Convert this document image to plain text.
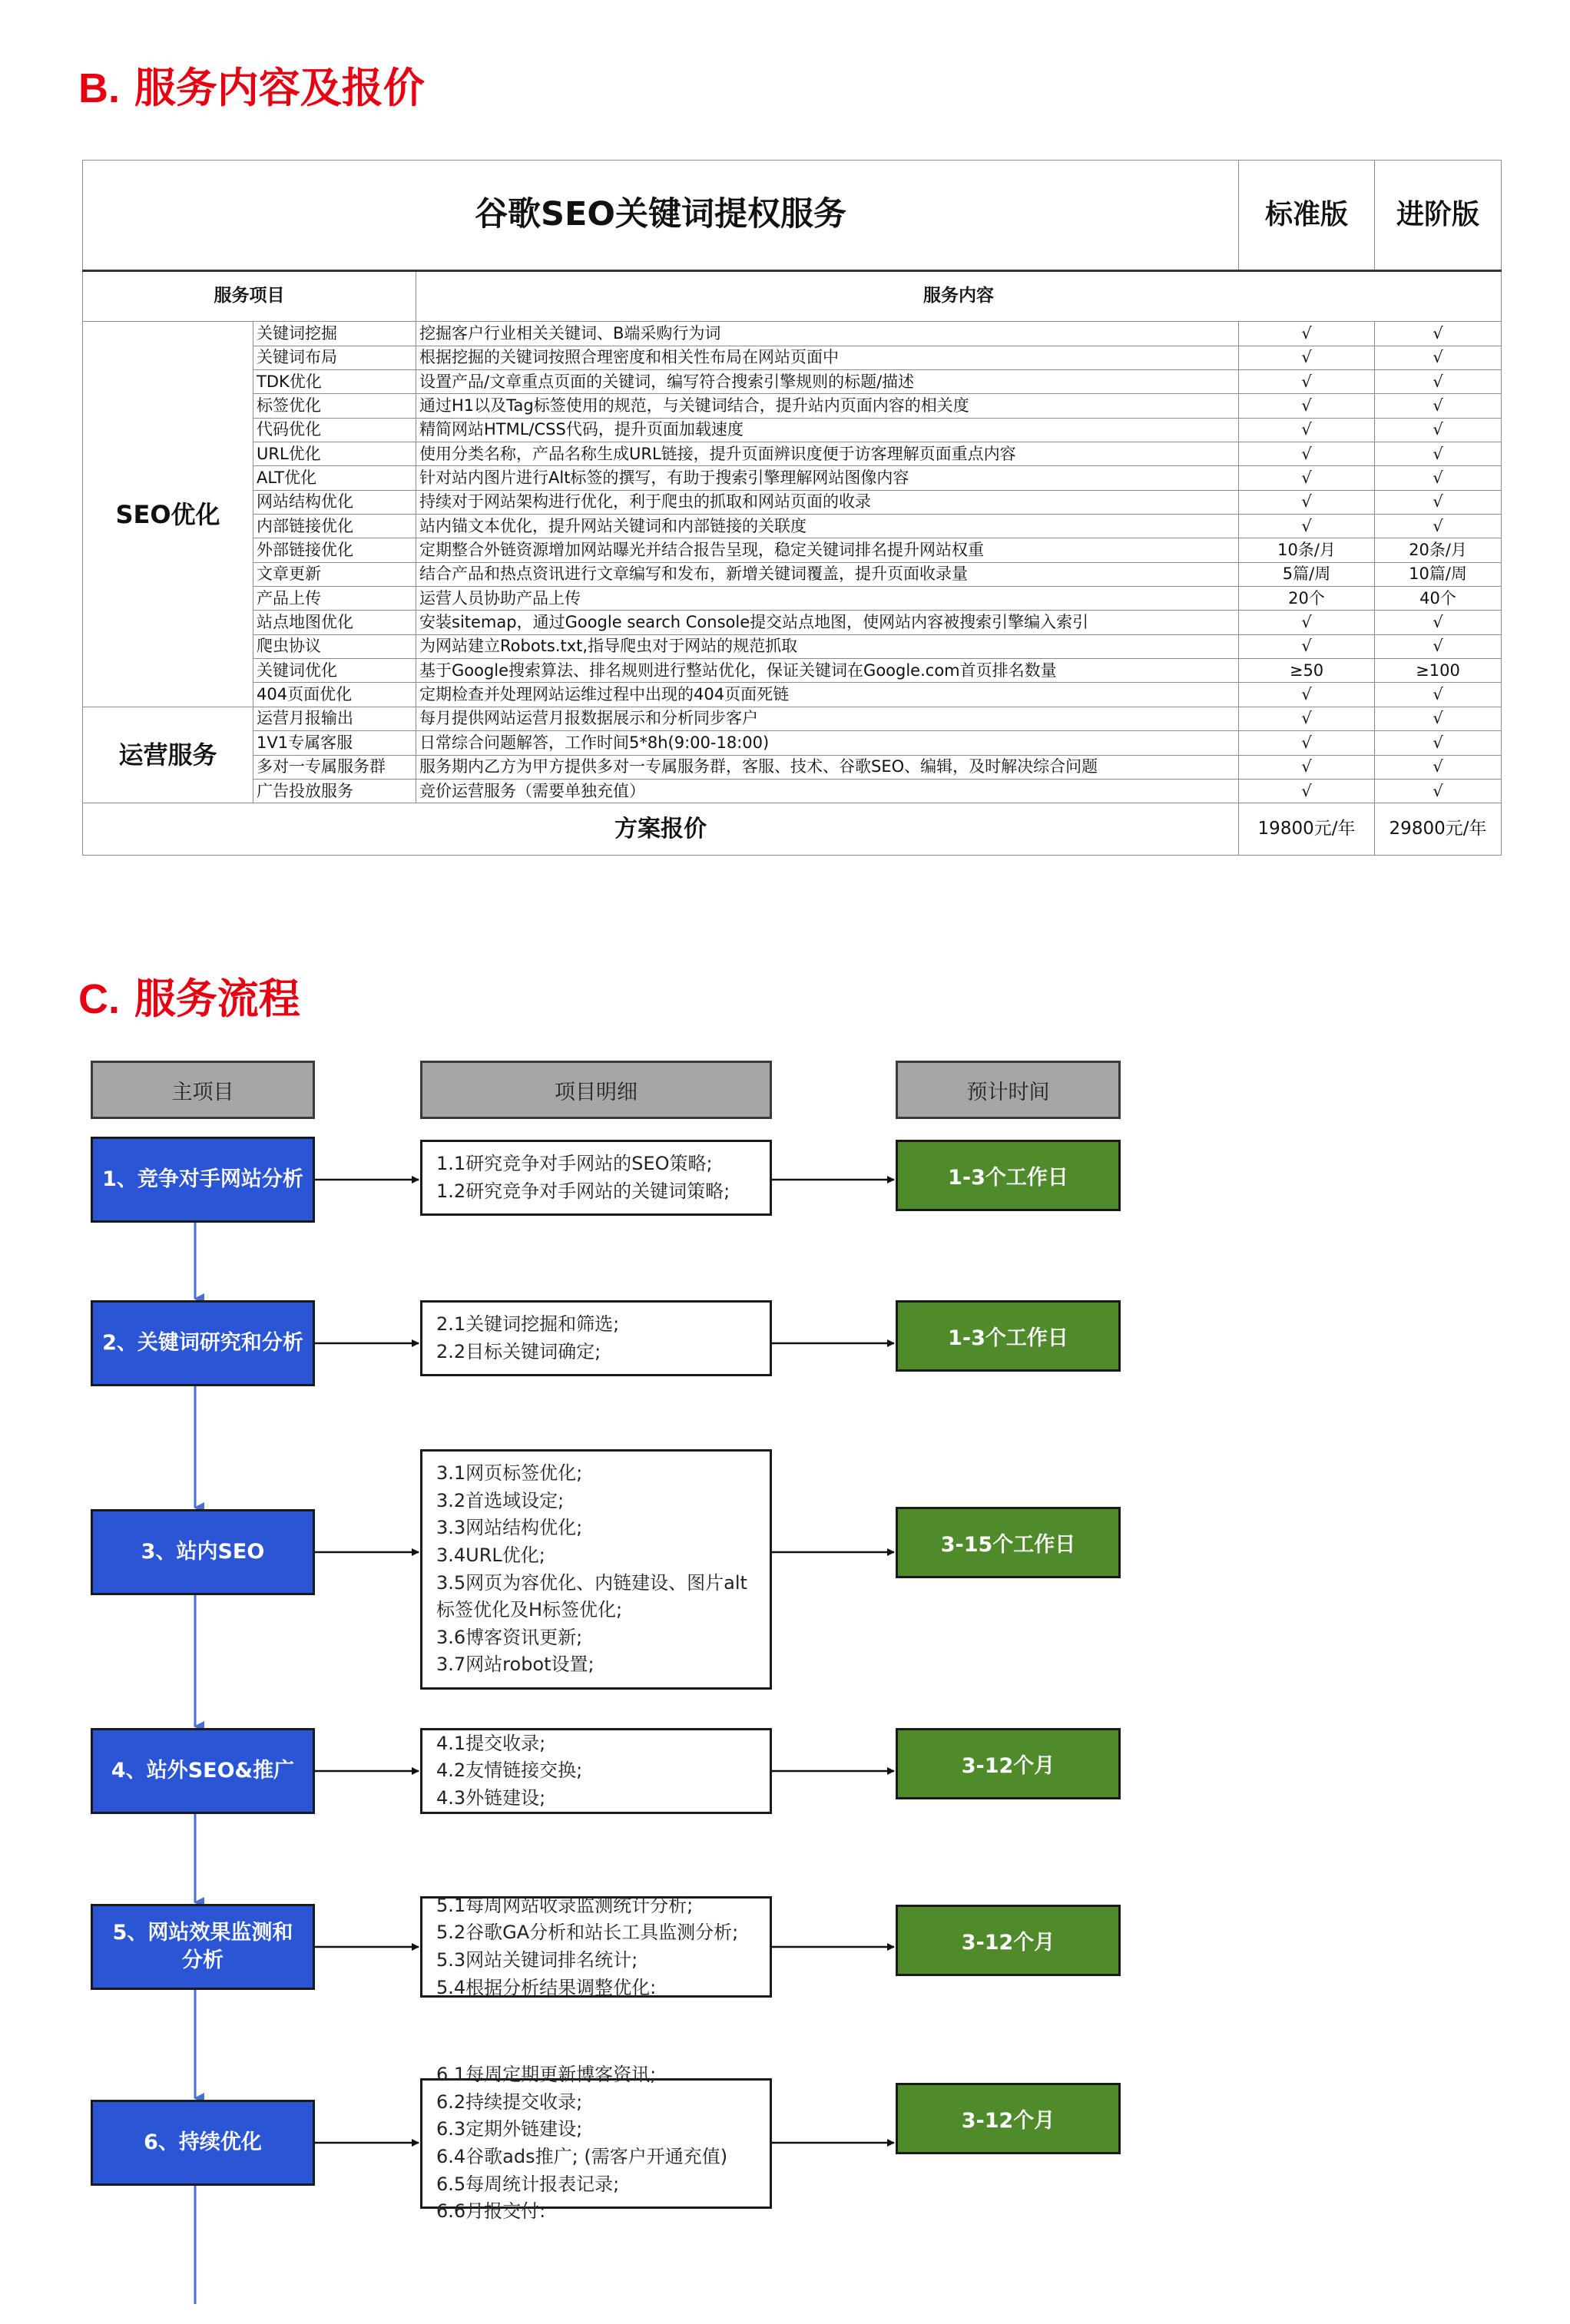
B. 服务内容及报价
谷歌SEO关键词提权服务			标准版	进阶版
服务项目		服务内容		
SEO优化	关键词挖掘	挖掘客户行业相关关键词、B端采购行为词	√	√
	关键词布局	根据挖掘的关键词按照合理密度和相关性布局在网站页面中	√	√
	TDK优化	设置产品/文章重点页面的关键词，编写符合搜索引擎规则的标题/描述	√	√
	标签优化	通过H1以及Tag标签使用的规范，与关键词结合，提升站内页面内容的相关度	√	√
	代码优化	精简网站HTML/CSS代码，提升页面加载速度	√	√
	URL优化	使用分类名称，产品名称生成URL链接，提升页面辨识度便于访客理解页面重点内容	√	√
	ALT优化	针对站内图片进行Alt标签的撰写，有助于搜索引擎理解网站图像内容	√	√
	网站结构优化	持续对于网站架构进行优化，利于爬虫的抓取和网站页面的收录	√	√
	内部链接优化	站内锚文本优化，提升网站关键词和内部链接的关联度	√	√
	外部链接优化	定期整合外链资源增加网站曝光并结合报告呈现，稳定关键词排名提升网站权重	10条/月	20条/月
	文章更新	结合产品和热点资讯进行文章编写和发布，新增关键词覆盖，提升页面收录量	5篇/周	10篇/周
	产品上传	运营人员协助产品上传	20个	40个
	站点地图优化	安装sitemap，通过Google search Console提交站点地图，使网站内容被搜索引擎编入索引	√	√
	爬虫协议	为网站建立Robots.txt,指导爬虫对于网站的规范抓取	√	√
	关键词优化	基于Google搜索算法、排名规则进行整站优化，保证关键词在Google.com首页排名数量	≥50	≥100
	404页面优化	定期检查并处理网站运维过程中出现的404页面死链	√	√
运营服务	运营月报输出	每月提供网站运营月报数据展示和分析同步客户	√	√
	1V1专属客服	日常综合问题解答，工作时间5*8h(9:00-18:00)	√	√
	多对一专属服务群	服务期内乙方为甲方提供多对一专属服务群，客服、技术、谷歌SEO、编辑，及时解决综合问题	√	√
	广告投放服务	竞价运营服务（需要单独充值）	√	√
方案报价			19800元/年	29800元/年
C. 服务流程
主项目	项目明细	预计时间
1、竞争对手网站分析
1.1研究竞争对手网站的SEO策略;
1.2研究竞争对手网站的关键词策略;
1-3个工作日
2、关键词研究和分析
2.1关键词挖掘和筛选;
2.2目标关键词确定;
1-3个工作日
3、站内SEO
3.1网页标签优化;
3.2首选域设定;
3.3网站结构优化;
3.4URL优化;
3.5网页为容优化、内链建设、图片alt
标签优化及H标签优化;
3.6博客资讯更新;
3.7网站robot设置;
3-15个工作日
4、站外SEO&推广
4.1提交收录;
4.2友情链接交换;
4.3外链建设;
3-12个月
5、网站效果监测和
分析
5.1每周网站收录监测统计分析;
5.2谷歌GA分析和站长工具监测分析;
5.3网站关键词排名统计;
5.4根据分析结果调整优化:
3-12个月
6、持续优化
6.1每周定期更新博客资讯;
6.2持续提交收录;
6.3定期外链建设;
6.4谷歌ads推广; (需客户开通充值)
6.5每周统计报表记录;
6.6月报交付:
3-12个月
